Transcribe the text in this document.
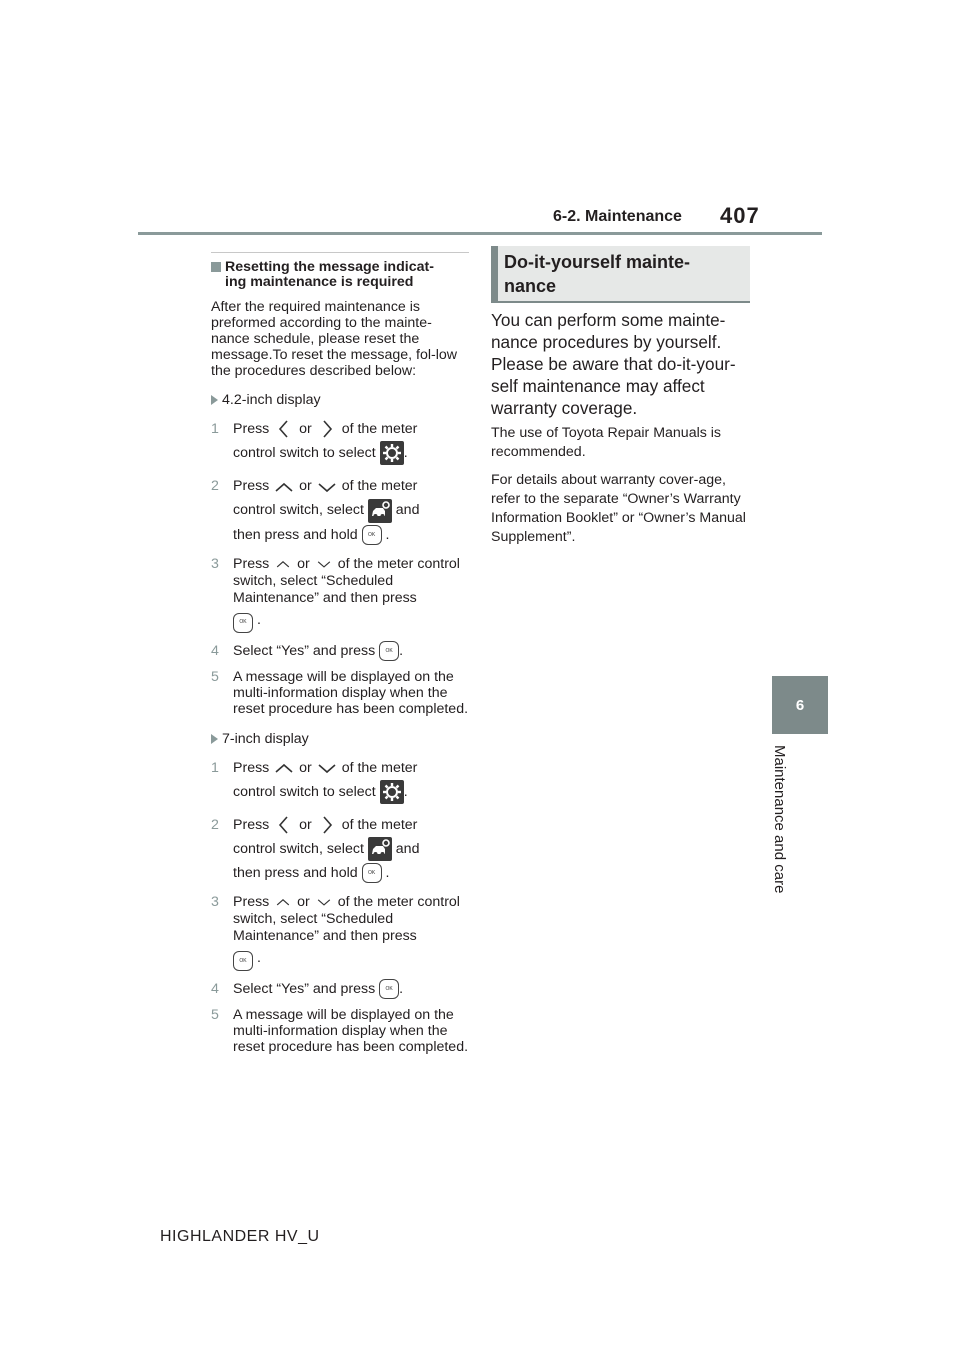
6-2. Maintenance 407
6
Maintenance and care
Resetting the message indicat-
ing maintenance is required
After the required maintenance is preformed according to the mainte-nance schedule, please reset the message.To reset the message, fol-low the procedures described below:
4.2-inch display
1 Press or of the meter
control switch to select .
2 Press or of the meter
control switch, select and
then press and hold OK .
3 Press or of the meter control switch, select “Scheduled Maintenance” and then press

OK .
4 Select “Yes” and press OK .
5 A message will be displayed on the multi-information display when the reset procedure has been completed.
7-inch display
1 Press or of the meter
control switch to select .
2 Press or of the meter
control switch, select and
then press and hold OK .
3 Press or of the meter control switch, select “Scheduled Maintenance” and then press

OK .
4 Select “Yes” and press OK .
5 A message will be displayed on the multi-information display when the reset procedure has been completed.
Do-it-yourself mainte-
nance
You can perform some mainte-nance procedures by yourself. Please be aware that do-it-your-self maintenance may affect warranty coverage.

The use of Toyota Repair Manuals is recommended.

For details about warranty cover-age, refer to the separate “Owner’s Warranty Information Booklet” or “Owner’s Manual Supplement”.

HIGHLANDER HV_U
